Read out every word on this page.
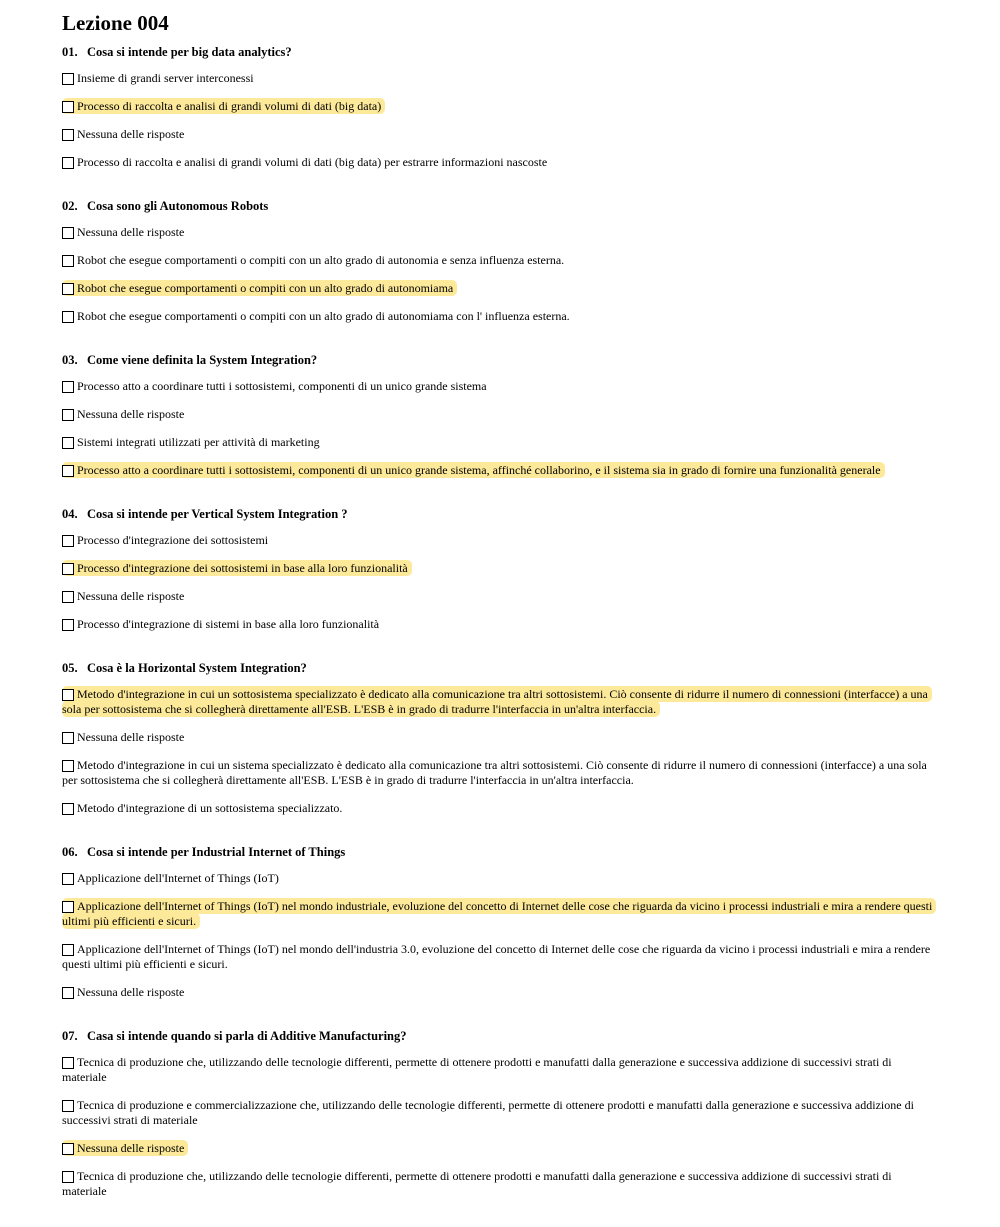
Lezione 004
01. Cosa si intende per big data analytics?
Insieme di grandi server interconessi
Processo di raccolta e analisi di grandi volumi di dati (big data)
Nessuna delle risposte
Processo di raccolta e analisi di grandi volumi di dati (big data) per estrarre informazioni nascoste
02. Cosa sono gli Autonomous Robots
Nessuna delle risposte
Robot che esegue comportamenti o compiti con un alto grado di autonomia e senza influenza esterna.
Robot che esegue comportamenti o compiti con un alto grado di autonomiama
Robot che esegue comportamenti o compiti con un alto grado di autonomiama con l' influenza esterna.
03. Come viene definita la System Integration?
Processo atto a coordinare tutti i sottosistemi, componenti di un unico grande sistema
Nessuna delle risposte
Sistemi integrati utilizzati per attività di marketing
Processo atto a coordinare tutti i sottosistemi, componenti di un unico grande sistema, affinché collaborino, e il sistema sia in grado di fornire una funzionalità generale
04. Cosa si intende per Vertical System Integration ?
Processo d'integrazione dei sottosistemi
Processo d'integrazione dei sottosistemi in base alla loro funzionalità
Nessuna delle risposte
Processo d'integrazione di sistemi in base alla loro funzionalità
05. Cosa è la Horizontal System Integration?
Metodo d'integrazione in cui un sottosistema specializzato è dedicato alla comunicazione tra altri sottosistemi. Ciò consente di ridurre il numero di connessioni (interfacce) a una sola per sottosistema che si collegherà direttamente all'ESB. L'ESB è in grado di tradurre l'interfaccia in un'altra interfaccia.
Nessuna delle risposte
Metodo d'integrazione in cui un sistema specializzato è dedicato alla comunicazione tra altri sottosistemi. Ciò consente di ridurre il numero di connessioni (interfacce) a una sola per sottosistema che si collegherà direttamente all'ESB. L'ESB è in grado di tradurre l'interfaccia in un'altra interfaccia.
Metodo d'integrazione di un sottosistema specializzato.
06. Cosa si intende per Industrial Internet of Things
Applicazione dell'Internet of Things (IoT)
Applicazione dell'Internet of Things (IoT) nel mondo industriale, evoluzione del concetto di Internet delle cose che riguarda da vicino i processi industriali e mira a rendere questi ultimi più efficienti e sicuri.
Applicazione dell'Internet of Things (IoT) nel mondo dell'industria 3.0, evoluzione del concetto di Internet delle cose che riguarda da vicino i processi industriali e mira a rendere questi ultimi più efficienti e sicuri.
Nessuna delle risposte
07. Casa si intende quando si parla di Additive Manufacturing?
Tecnica di produzione che, utilizzando delle tecnologie differenti, permette di ottenere prodotti e manufatti dalla generazione e successiva addizione di successivi strati di materiale
Tecnica di produzione e commercializzazione che, utilizzando delle tecnologie differenti, permette di ottenere prodotti e manufatti dalla generazione e successiva addizione di successivi strati di materiale
Nessuna delle risposte
Tecnica di produzione che, utilizzando delle tecnologie differenti, permette di ottenere prodotti e manufatti dalla generazione e successiva addizione di successivi strati di materiale
